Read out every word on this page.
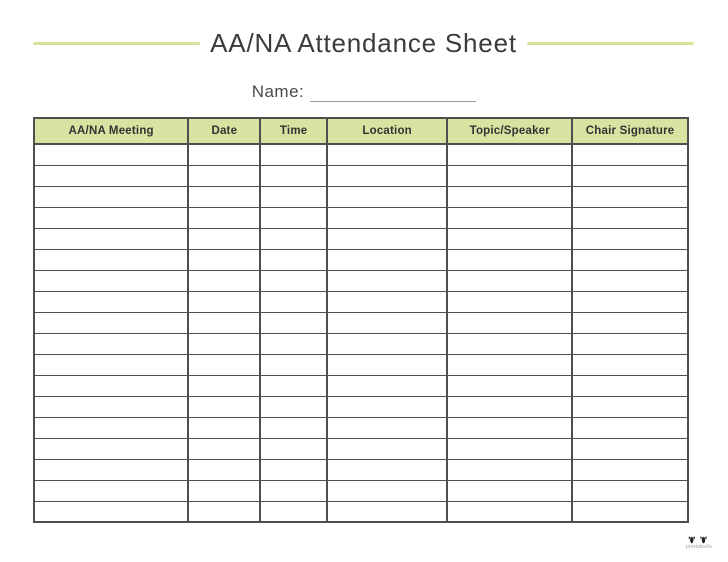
AA/NA Attendance Sheet
Name:
AA/NA Meeting	Date	Time	Location	Topic/Speaker	Chair Signature

printabulls
